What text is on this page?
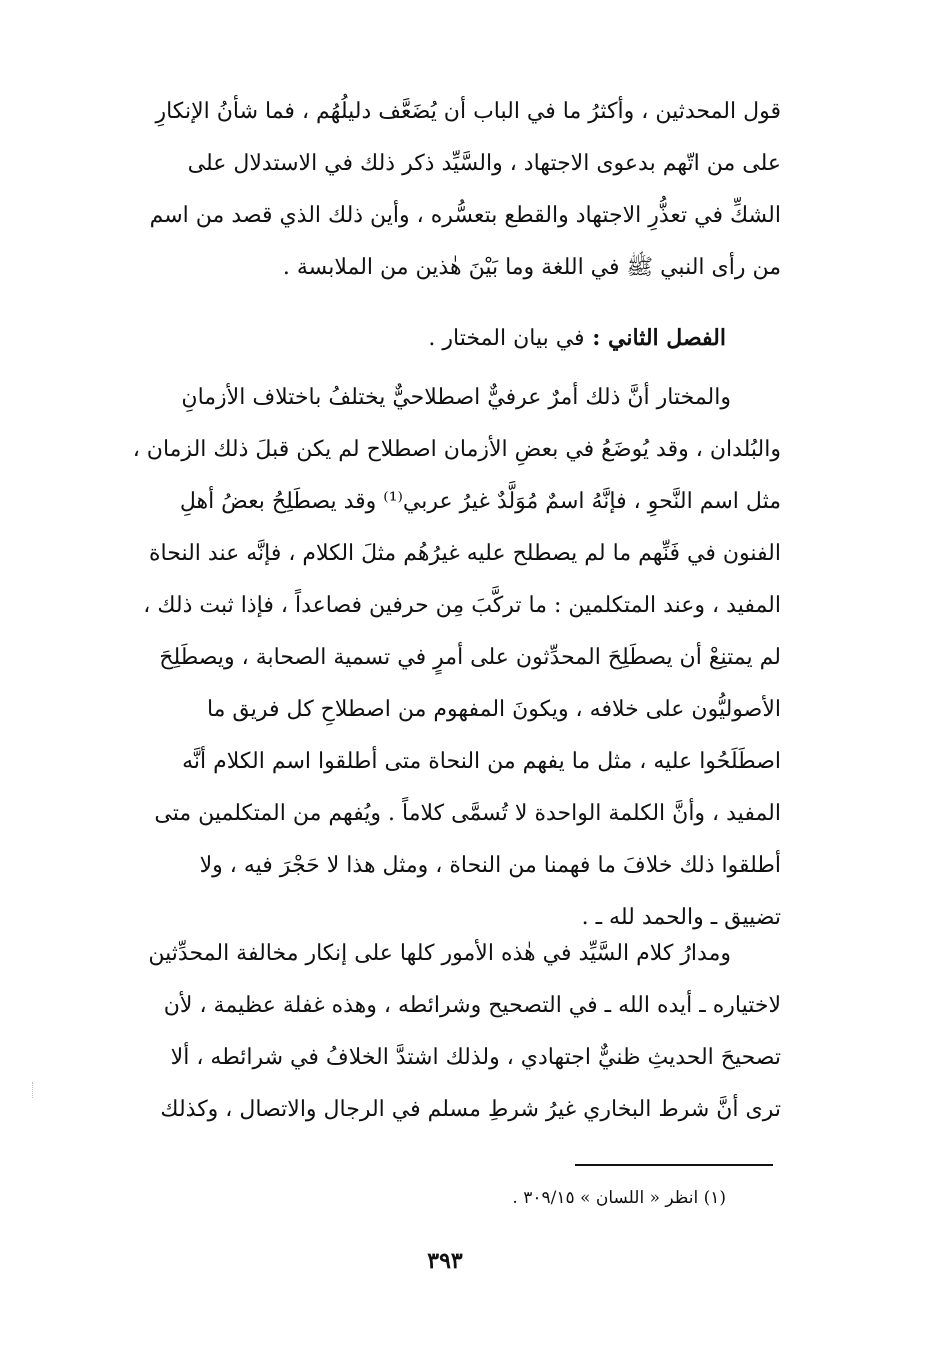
قول المحدثين ، وأكثرُ ما في الباب أن يُضَعَّف دليلُهُم ، فما شأنُ الإنكارِ
على من اتّهم بدعوى الاجتهاد ، والسَّيِّد ذكر ذلك في الاستدلال على
الشكِّ في تعذُّرِ الاجتهاد والقطع بتعسُّره ، وأين ذلك الذي قصد من اسم
من رأى النبي ﷺ في اللغة وما بَيْنَ هٰذين من الملابسة .
الفصل الثاني : في بيان المختار .
والمختار أنَّ ذلك أمرٌ عرفيٌّ اصطلاحيٌّ يختلفُ باختلاف الأزمانِ
والبُلدان ، وقد يُوضَعُ في بعضِ الأزمان اصطلاح لم يكن قبلَ ذلك الزمان ،
مثل اسم النَّحوِ ، فإنَّهُ اسمٌ مُوَلَّدٌ غيرُ عربي⁽¹⁾ وقد يصطَلِحُ بعضُ أهلِ
الفنون في فَنِّهم ما لم يصطلح عليه غيرُهُم مثلَ الكلام ، فإنَّه عند النحاة
المفيد ، وعند المتكلمين : ما تركَّبَ مِن حرفين فصاعداً ، فإذا ثبت ذلك ،
لم يمتنِعْ أن يصطَلِحَ المحدِّثون على أمرٍ في تسمية الصحابة ، ويصطَلِحَ
الأصوليُّون على خلافه ، ويكونَ المفهوم من اصطلاحِ كل فريق ما
اصطَلَحُوا عليه ، مثل ما يفهم من النحاة متى أطلقوا اسم الكلام أنَّه
المفيد ، وأنَّ الكلمة الواحدة لا تُسمَّى كلاماً . ويُفهم من المتكلمين متى
أطلقوا ذلك خلافَ ما فهمنا من النحاة ، ومثل هذا لا حَجْرَ فيه ، ولا
تضييق ـ والحمد لله ـ .
ومدارُ كلام السَّيِّد في هٰذه الأمور كلها على إنكار مخالفة المحدِّثين
لاختياره ـ أيده الله ـ في التصحيح وشرائطه ، وهذه غفلة عظيمة ، لأن
تصحيحَ الحديثِ ظنيٌّ اجتهادي ، ولذلك اشتدَّ الخلافُ في شرائطه ، ألا
ترى أنَّ شرط البخاري غيرُ شرطِ مسلم في الرجال والاتصال ، وكذلك
(١) انظر « اللسان » ٣٠٩/١٥ .
٣٩٣
